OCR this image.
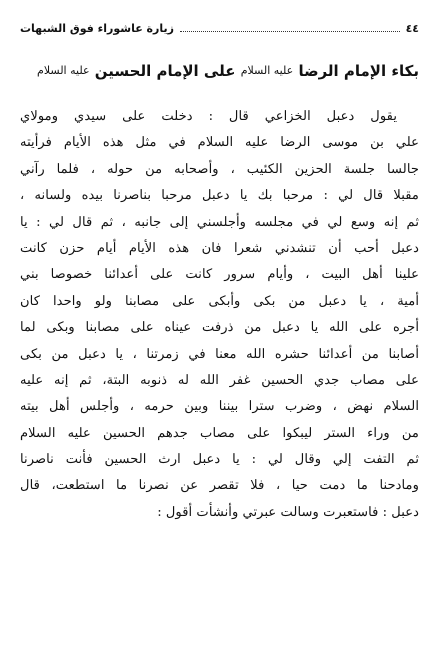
٤٤
زيارة عاشوراء فوق الشبهات
بكاء الإمام الرضا عليه السلام على الإمام الحسين عليه السلام
يقول دعبل الخزاعي قال : دخلت على سيدي ومولاي
علي بن موسى الرضا عليه السلام في مثل هذه الأيام فرأيته
جالسا جلسة الحزين الكئيب ، وأصحابه من حوله ، فلما رآني
مقبلا قال لي : مرحبا بك يا دعبل مرحبا بناصرنا بيده ولسانه ،
ثم إنه وسع لي في مجلسه وأجلسني إلى جانبه ، ثم قال لي : يا
دعبل أحب أن تنشدني شعرا فان هذه الأيام أيام حزن كانت
علينا أهل البيت ، وأيام سرور كانت على أعدائنا خصوصا بني
أمية ، يا دعبل من بكى وأبكى على مصابنا ولو واحدا كان
أجره على الله يا دعبل من ذرفت عيناه على مصابنا وبكى لما
أصابنا من أعدائنا حشره الله معنا في زمرتنا ، يا دعبل من بكى
على مصاب جدي الحسين غفر الله له ذنوبه البتة، ثم إنه عليه
السلام نهض ، وضرب سترا بيننا وبين حرمه ، وأجلس أهل بيته
من وراء الستر ليبكوا على مصاب جدهم الحسين عليه السلام
ثم التفت إلي وقال لي : يا دعبل ارث الحسين فأنت ناصرنا
ومادحنا ما دمت حيا ، فلا تقصر عن نصرنا ما استطعت، قال
دعبل : فاستعبرت وسالت عبرتي وأنشأت أقول :
